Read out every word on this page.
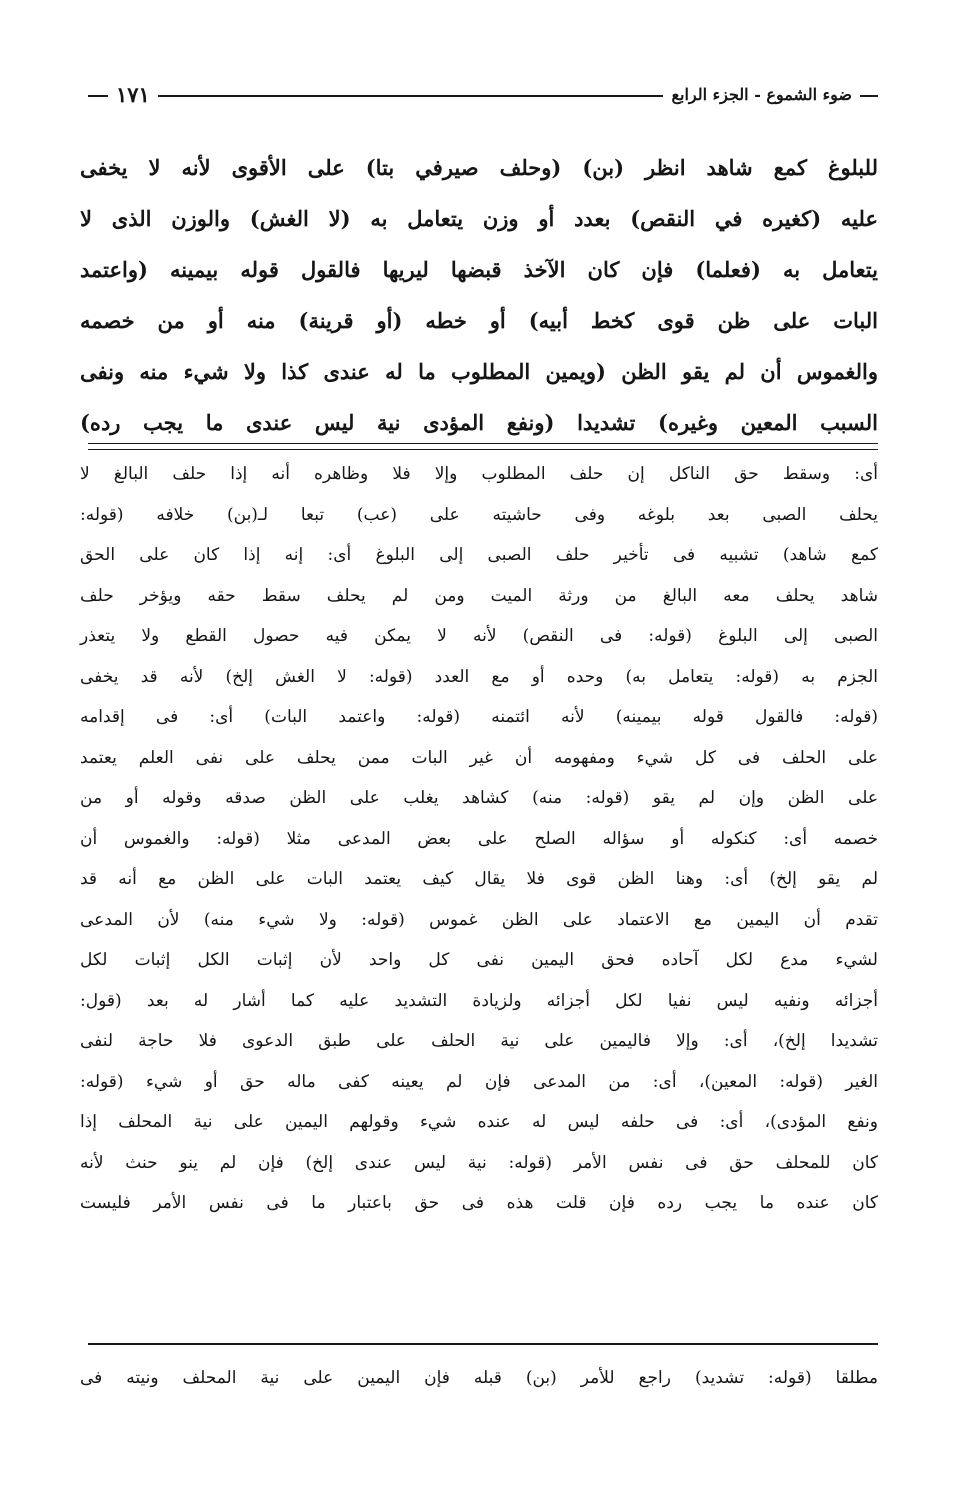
١٧١	ضوء الشموع - الجزء الرابع
للبلوغ كمع شاهد انظر (بن) (وحلف صيرفي بتا) على الأقوى لأنه لا يخفى
عليه (كغيره في النقص) بعدد أو وزن يتعامل به (لا الغش) والوزن الذى لا
يتعامل به (فعلما) فإن كان الآخذ قبضها ليريها فالقول قوله بيمينه (واعتمد
البات على ظن قوى كخط أبيه) أو خطه (أو قرينة) منه أو من خصمه
والغموس أن لم يقو الظن (ويمين المطلوب ما له عندى كذا ولا شيء منه ونفى
السبب المعين وغيره) تشديدا (ونفع المؤدى نية ليس عندى ما يجب رده)
أى: وسقط حق الناكل إن حلف المطلوب وإلا فلا وظاهره أنه إذا حلف البالغ لا
يحلف الصبى بعد بلوغه وفى حاشيته على (عب) تبعا لـ(بن) خلافه (قوله:
كمع شاهد) تشبيه فى تأخير حلف الصبى إلى البلوغ أى: إنه إذا كان على الحق
شاهد يحلف معه البالغ من ورثة الميت ومن لم يحلف سقط حقه ويؤخر حلف
الصبى إلى البلوغ (قوله: فى النقص) لأنه لا يمكن فيه حصول القطع ولا يتعذر
الجزم به (قوله: يتعامل به) وحده أو مع العدد (قوله: لا الغش إلخ) لأنه قد يخفى
(قوله: فالقول قوله بيمينه) لأنه ائتمنه (قوله: واعتمد البات) أى: فى إقدامه
على الحلف فى كل شيء ومفهومه أن غير البات ممن يحلف على نفى العلم يعتمد
على الظن وإن لم يقو (قوله: منه) كشاهد يغلب على الظن صدقه وقوله أو من
خصمه أى: كنكوله أو سؤاله الصلح على بعض المدعى مثلا (قوله: والغموس أن
لم يقو إلخ) أى: وهنا الظن قوى فلا يقال كيف يعتمد البات على الظن مع أنه قد
تقدم أن اليمين مع الاعتماد على الظن غموس (قوله: ولا شيء منه) لأن المدعى
لشيء مدع لكل آحاده فحق اليمين نفى كل واحد لأن إثبات الكل إثبات لكل
أجزائه ونفيه ليس نفيا لكل أجزائه ولزيادة التشديد عليه كما أشار له بعد (قول:
تشديدا إلخ)، أى: وإلا فاليمين على نية الحلف على طبق الدعوى فلا حاجة لنفى
الغير (قوله: المعين)، أى: من المدعى فإن لم يعينه كفى ماله حق أو شيء (قوله:
ونفع المؤدى)، أى: فى حلفه ليس له عنده شيء وقولهم اليمين على نية المحلف إذا
كان للمحلف حق فى نفس الأمر (قوله: نية ليس عندى إلخ) فإن لم ينو حنث لأنه
كان عنده ما يجب رده فإن قلت هذه فى حق باعتبار ما فى نفس الأمر فليست
مطلقا (قوله: تشديد) راجع للأمر (بن) قبله فإن اليمين على نية المحلف ونيته فى
